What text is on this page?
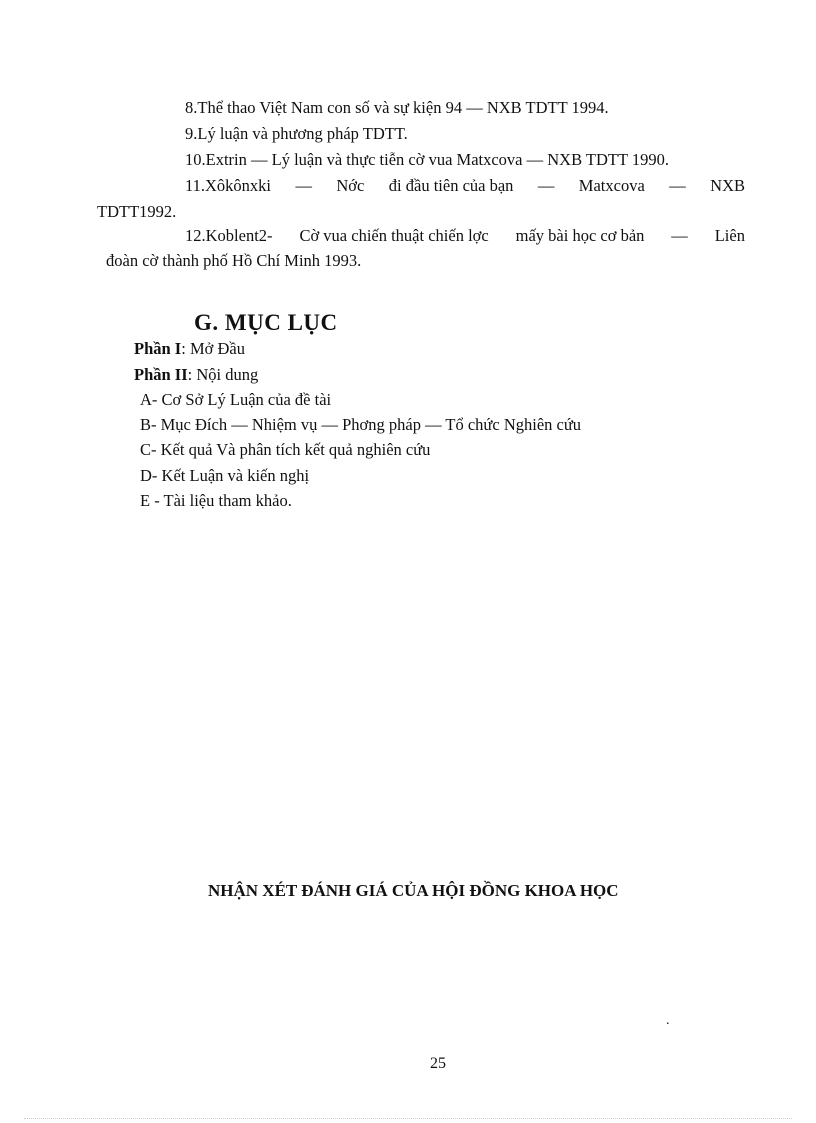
8.Thể thao Việt Nam con số và sự kiện 94 — NXB TDTT 1994.
9.Lý luận và phương pháp TDTT.
10.Extrin — Lý luận và thực tiễn cờ vua Matxcova — NXB TDTT 1990.
11.Xôkônxki — Nớc đi đầu tiên của bạn — Matxcova — NXB
TDTT1992.
12.Koblent2- Cờ vua chiến thuật chiến lợc mấy bài học cơ bản — Liên
đoàn cờ thành phố Hồ Chí Minh 1993.
G. MỤC LỤC
Phần I: Mở Đầu
Phần II: Nội dung
A- Cơ Sở Lý Luận của đề tài
B- Mục Đích — Nhiệm vụ — Phơng pháp — Tổ chức Nghiên cứu
C- Kết quả Và phân tích kết quả nghiên cứu
D- Kết Luận và kiến nghị
E - Tài liệu tham khảo.
NHẬN XÉT ĐÁNH GIÁ CỦA HỘI ĐỒNG KHOA HỌC
.
25
